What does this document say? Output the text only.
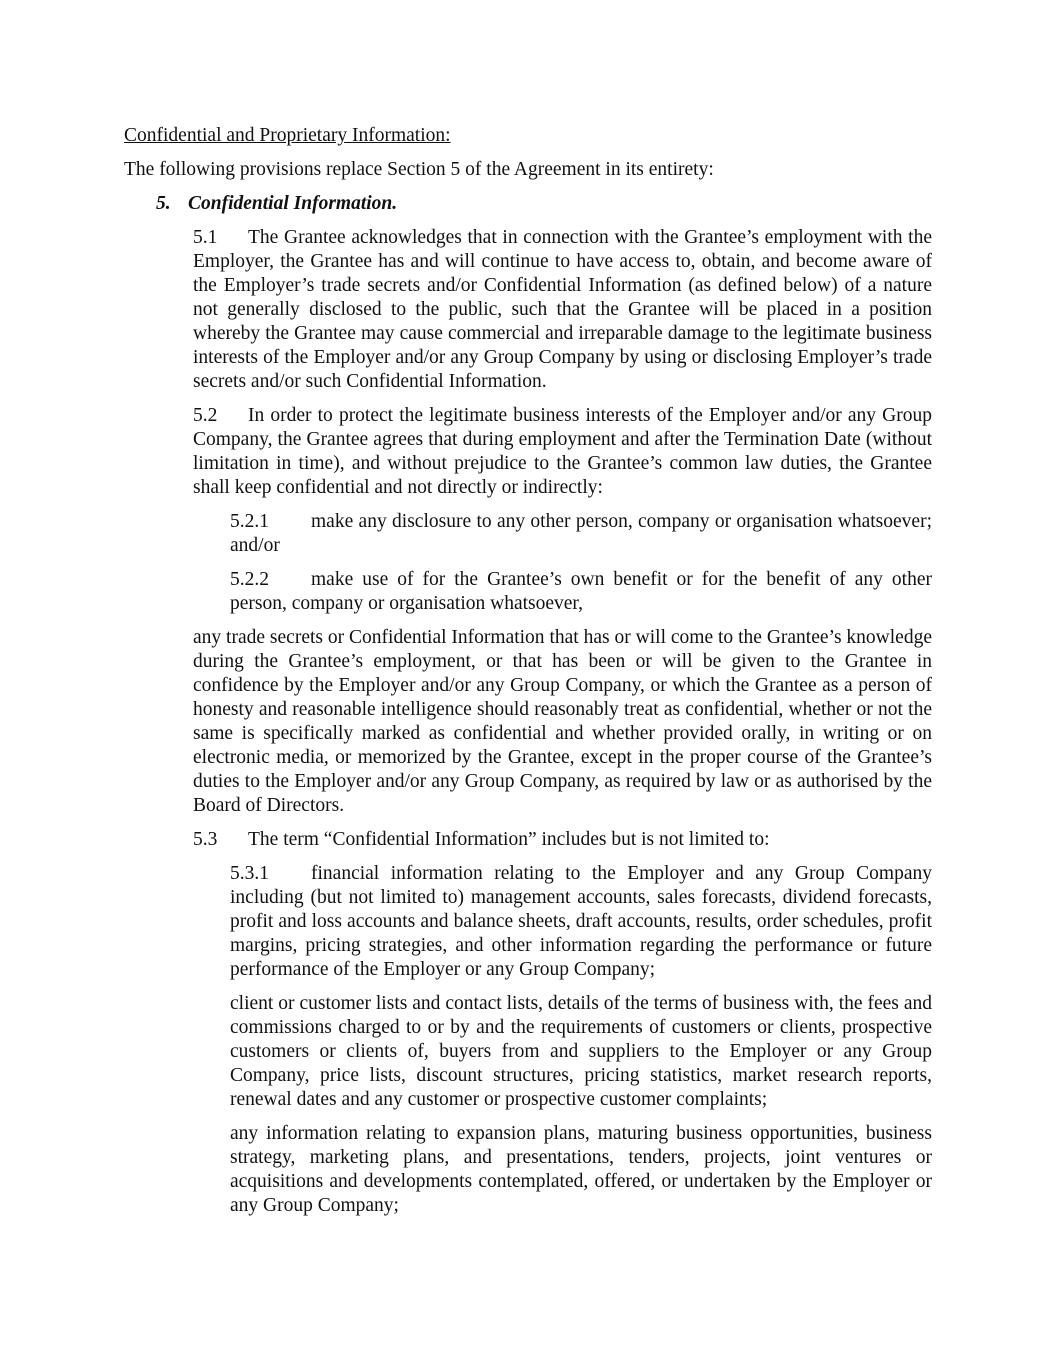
Confidential and Proprietary Information:

The following provisions replace Section 5 of the Agreement in its entirety:

5. Confidential Information.

5.1 The Grantee acknowledges that in connection with the Grantee’s employment with the Employer, the Grantee has and will continue to have access to, obtain, and become aware of the Employer’s trade secrets and/or Confidential Information (as defined below) of a nature not generally disclosed to the public, such that the Grantee will be placed in a position whereby the Grantee may cause commercial and irreparable damage to the legitimate business interests of the Employer and/or any Group Company by using or disclosing Employer’s trade secrets and/or such Confidential Information.

5.2 In order to protect the legitimate business interests of the Employer and/or any Group Company, the Grantee agrees that during employment and after the Termination Date (without limitation in time), and without prejudice to the Grantee’s common law duties, the Grantee shall keep confidential and not directly or indirectly:

5.2.1 make any disclosure to any other person, company or organisation whatsoever; and/or

5.2.2 make use of for the Grantee’s own benefit or for the benefit of any other person, company or organisation whatsoever,

any trade secrets or Confidential Information that has or will come to the Grantee’s knowledge during the Grantee’s employment, or that has been or will be given to the Grantee in confidence by the Employer and/or any Group Company, or which the Grantee as a person of honesty and reasonable intelligence should reasonably treat as confidential, whether or not the same is specifically marked as confidential and whether provided orally, in writing or on electronic media, or memorized by the Grantee, except in the proper course of the Grantee’s duties to the Employer and/or any Group Company, as required by law or as authorised by the Board of Directors.

5.3 The term “Confidential Information” includes but is not limited to:

5.3.1 financial information relating to the Employer and any Group Company including (but not limited to) management accounts, sales forecasts, dividend forecasts, profit and loss accounts and balance sheets, draft accounts, results, order schedules, profit margins, pricing strategies, and other information regarding the performance or future performance of the Employer or any Group Company;

client or customer lists and contact lists, details of the terms of business with, the fees and commissions charged to or by and the requirements of customers or clients, prospective customers or clients of, buyers from and suppliers to the Employer or any Group Company, price lists, discount structures, pricing statistics, market research reports, renewal dates and any customer or prospective customer complaints;

any information relating to expansion plans, maturing business opportunities, business strategy, marketing plans, and presentations, tenders, projects, joint ventures or acquisitions and developments contemplated, offered, or undertaken by the Employer or any Group Company;
